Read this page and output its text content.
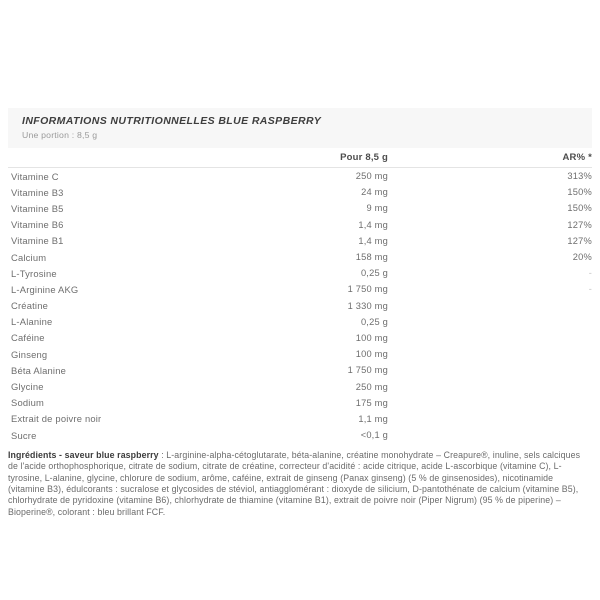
INFORMATIONS NUTRITIONNELLES BLUE RASPBERRY
Une portion : 8,5 g
Pour 8,5 g	AR% *
Vitamine C	250 mg	313%
Vitamine B3	24 mg	150%
Vitamine B5	9 mg	150%
Vitamine B6	1,4 mg	127%
Vitamine B1	1,4 mg	127%
Calcium	158 mg	20%
L-Tyrosine	0,25 g	-
L-Arginine AKG	1 750 mg	-
Créatine	1 330 mg
L-Alanine	0,25 g
Caféine	100 mg
Ginseng	100 mg
Béta Alanine	1 750 mg
Glycine	250 mg
Sodium	175 mg
Extrait de poivre noir	1,1 mg
Sucre	<0,1 g

Ingrédients - saveur blue raspberry : L-arginine-alpha-cétoglutarate, béta-alanine, créatine monohydrate – Creapure®, inuline, sels calciques de l'acide orthophosphorique, citrate de sodium, citrate de créatine, correcteur d'acidité : acide citrique, acide L-ascorbique (vitamine C), L-tyrosine, L-alanine, glycine, chlorure de sodium, arôme, caféine, extrait de ginseng (Panax ginseng) (5 % de ginsenosides), nicotinamide (vitamine B3), édulcorants : sucralose et glycosides de stéviol, antiagglomérant : dioxyde de silicium, D-pantothénate de calcium (vitamine B5), chlorhydrate de pyridoxine (vitamine B6), chlorhydrate de thiamine (vitamine B1), extrait de poivre noir (Piper Nigrum) (95 % de piperine) – Bioperine®, colorant : bleu brillant FCF.
